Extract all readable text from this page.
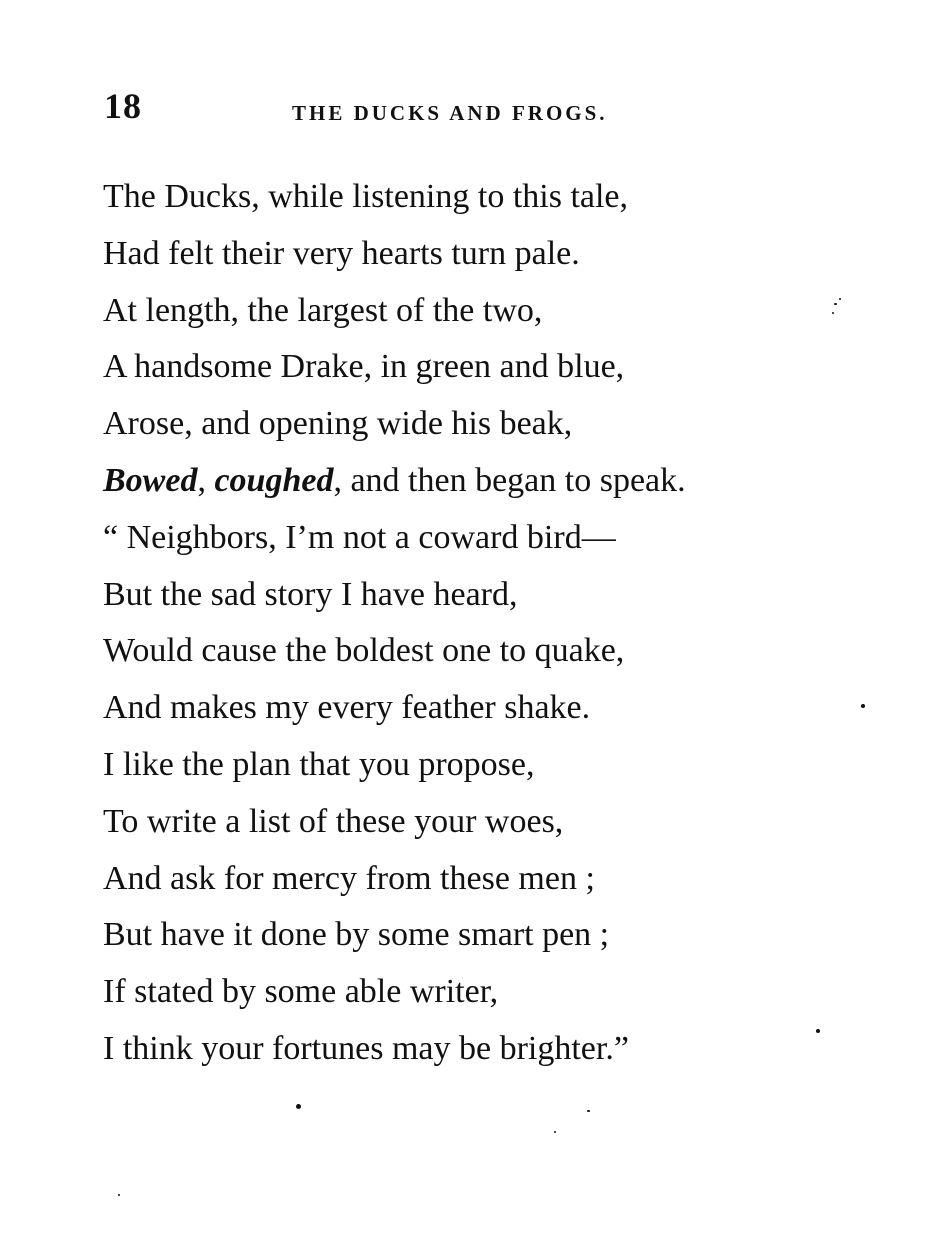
18	THE DUCKS AND FROGS.
The Ducks, while listening to this tale,
Had felt their very hearts turn pale.
At length, the largest of the two,
A handsome Drake, in green and blue,
Arose, and opening wide his beak,
Bowed, coughed, and then began to speak.
“ Neighbors, I’m not a coward bird—
But the sad story I have heard,
Would cause the boldest one to quake,
And makes my every feather shake.
I like the plan that you propose,
To write a list of these your woes,
And ask for mercy from these men ;
But have it done by some smart pen ;
If stated by some able writer,
I think your fortunes may be brighter.”
